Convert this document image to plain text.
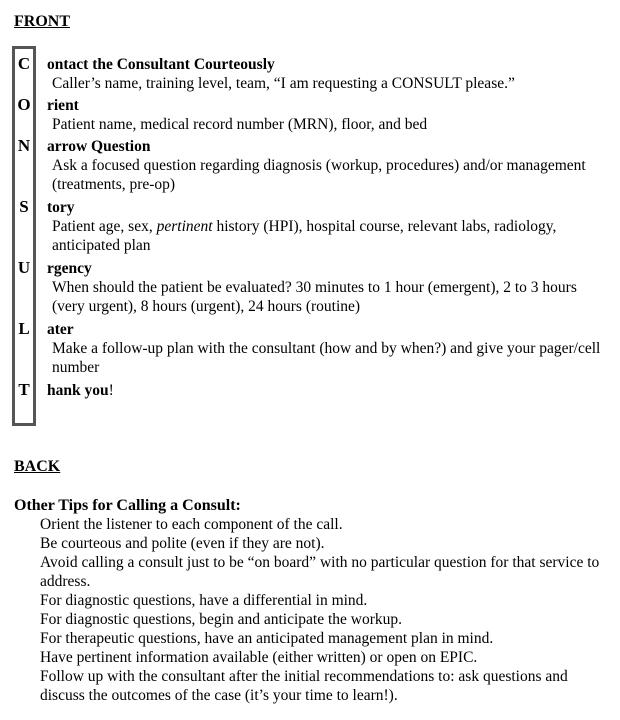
FRONT
C	ontact the Consultant Courteously
Caller’s name, training level, team, “I am requesting a CONSULT please.”
O	rient
Patient name, medical record number (MRN), floor, and bed
N	arrow Question
Ask a focused question regarding diagnosis (workup, procedures) and/or management (treatments, pre-op)
S	tory
Patient age, sex, pertinent history (HPI), hospital course, relevant labs, radiology, anticipated plan
U	rgency
When should the patient be evaluated? 30 minutes to 1 hour (emergent), 2 to 3 hours (very urgent), 8 hours (urgent), 24 hours (routine)
L	ater
Make a follow-up plan with the consultant (how and by when?) and give your pager/cell number
T	hank you!
BACK
Other Tips for Calling a Consult:
Orient the listener to each component of the call.
Be courteous and polite (even if they are not).
Avoid calling a consult just to be “on board” with no particular question for that service to address.
For diagnostic questions, have a differential in mind.
For diagnostic questions, begin and anticipate the workup.
For therapeutic questions, have an anticipated management plan in mind.
Have pertinent information available (either written) or open on EPIC.
Follow up with the consultant after the initial recommendations to: ask questions and discuss the outcomes of the case (it’s your time to learn!).
